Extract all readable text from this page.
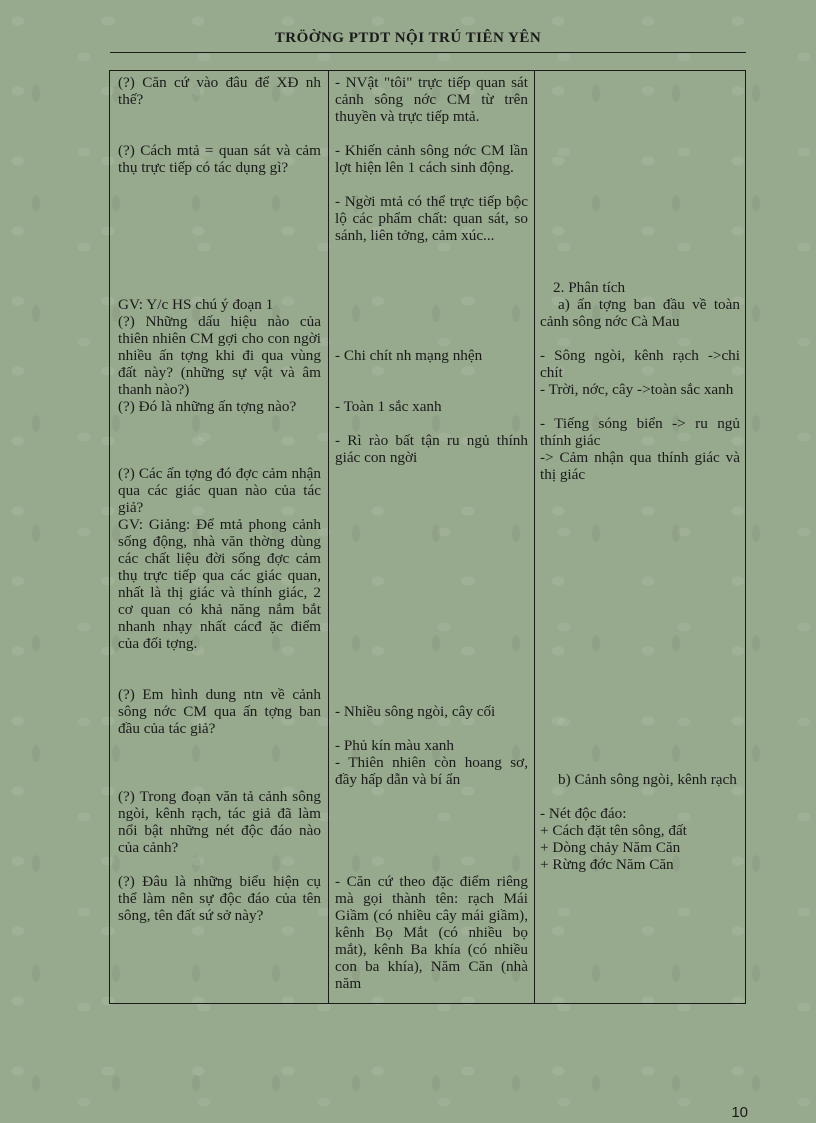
TRÖỜNG PTDT NỘI TRÚ TIÊN YÊN

(?) Căn cứ vào đâu để XĐ nh thế?

(?) Cách mtả = quan sát và cảm thụ trực tiếp có tác dụng gì?

GV: Y/c HS chú ý đoạn 1

(?) Những dấu hiệu nào của thiên nhiên CM gợi cho con ngời nhiều ấn tợng khi đi qua vùng đất này? (những sự vật và âm thanh nào?)

(?) Đó là những ấn tợng nào?

(?) Các ấn tợng đó đợc cảm nhận qua các giác quan nào của tác giả?

GV: Giảng: Để mtả phong cảnh sống động, nhà văn thờng dùng các chất liệu đời sống đợc cảm thụ trực tiếp qua các giác quan, nhất là thị giác và thính giác, 2 cơ quan có khả năng nắm bắt nhanh nhạy nhất cácđ ặc điểm của đối tợng.

(?) Em hình dung ntn về cảnh sông nớc CM qua ấn tợng ban đầu của tác giả?

(?) Trong đoạn văn tả cảnh sông ngòi, kênh rạch, tác giả đã làm nổi bật những nét độc đáo nào của cảnh?

(?) Đâu là những biểu hiện cụ thể làm nên sự độc đáo của tên sông, tên đất sứ sở này?

- NVật "tôi" trực tiếp quan sát cảnh sông nớc CM từ trên thuyền và trực tiếp mtả.

- Khiến cảnh sông nớc CM lần lợt hiện lên 1 cách sinh động.

- Ngời mtả có thể trực tiếp bộc lộ các phẩm chất: quan sát, so sánh, liên tởng, cảm xúc...

- Chi chít nh mạng nhện

- Toàn 1 sắc xanh

- Rì rào bất tận ru ngủ thính giác con ngời

- Nhiều sông ngòi, cây cối

- Phủ kín màu xanh

- Thiên nhiên còn hoang sơ, đầy hấp dẫn và bí ẩn

- Căn cứ theo đặc điểm riêng mà gọi thành tên: rạch Mái Giầm (có nhiều cây mái giầm), kênh Bọ Mắt (có nhiều bọ mắt), kênh Ba khía (có nhiều con ba khía), Năm Căn (nhà năm

2. Phân tích

a) ấn tợng ban đầu về toàn cảnh sông nớc Cà Mau

- Sông ngòi, kênh rạch ->chi chít

- Trời, nớc, cây ->toàn sắc xanh

- Tiếng sóng biển -> ru ngủ thính giác

-> Cảm nhận qua thính giác và thị giác

b) Cảnh sông ngòi, kênh rạch

- Nét độc đáo:

+ Cách đặt tên sông, đất

+ Dòng chảy Năm Căn

+ Rừng đớc Năm Căn

10
